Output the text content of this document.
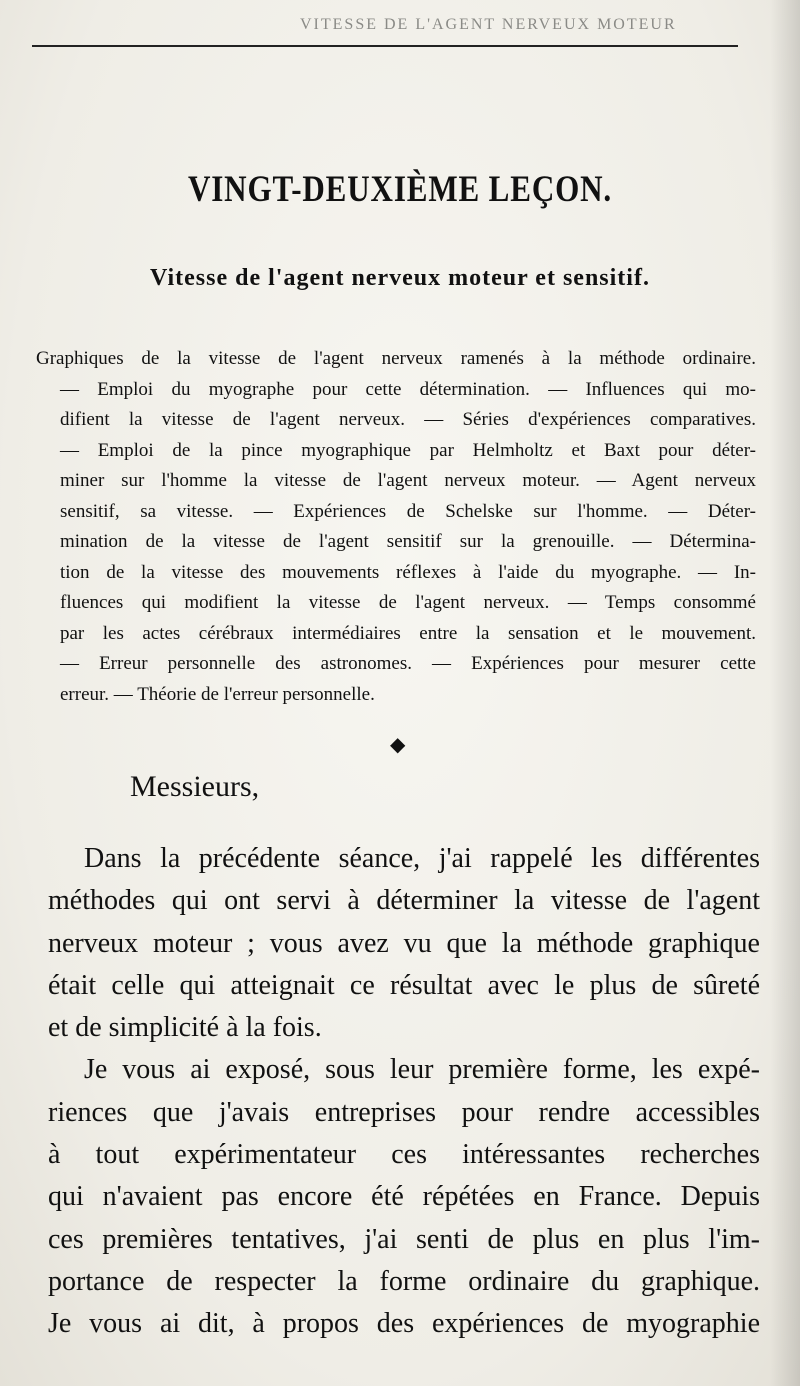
VITESSE DE L'AGENT NERVEUX MOTEUR
VINGT-DEUXIÈME LEÇON.
Vitesse de l'agent nerveux moteur et sensitif.
Graphiques de la vitesse de l'agent nerveux ramenés à la méthode ordinaire.
— Emploi du myographe pour cette détermination. — Influences qui mo-
difient la vitesse de l'agent nerveux. — Séries d'expériences comparatives.
— Emploi de la pince myographique par Helmholtz et Baxt pour déter-
miner sur l'homme la vitesse de l'agent nerveux moteur. — Agent nerveux
sensitif, sa vitesse. — Expériences de Schelske sur l'homme. — Déter-
mination de la vitesse de l'agent sensitif sur la grenouille. — Détermina-
tion de la vitesse des mouvements réflexes à l'aide du myographe. — In-
fluences qui modifient la vitesse de l'agent nerveux. — Temps consommé
par les actes cérébraux intermédiaires entre la sensation et le mouvement.
— Erreur personnelle des astronomes. — Expériences pour mesurer cette
erreur. — Théorie de l'erreur personnelle.
◆
Messieurs,
Dans la précédente séance, j'ai rappelé les différentes
méthodes qui ont servi à déterminer la vitesse de l'agent
nerveux moteur ; vous avez vu que la méthode graphique
était celle qui atteignait ce résultat avec le plus de sûreté
et de simplicité à la fois.
Je vous ai exposé, sous leur première forme, les expé-
riences que j'avais entreprises pour rendre accessibles
à tout expérimentateur ces intéressantes recherches
qui n'avaient pas encore été répétées en France. Depuis
ces premières tentatives, j'ai senti de plus en plus l'im-
portance de respecter la forme ordinaire du graphique.
Je vous ai dit, à propos des expériences de myographie
